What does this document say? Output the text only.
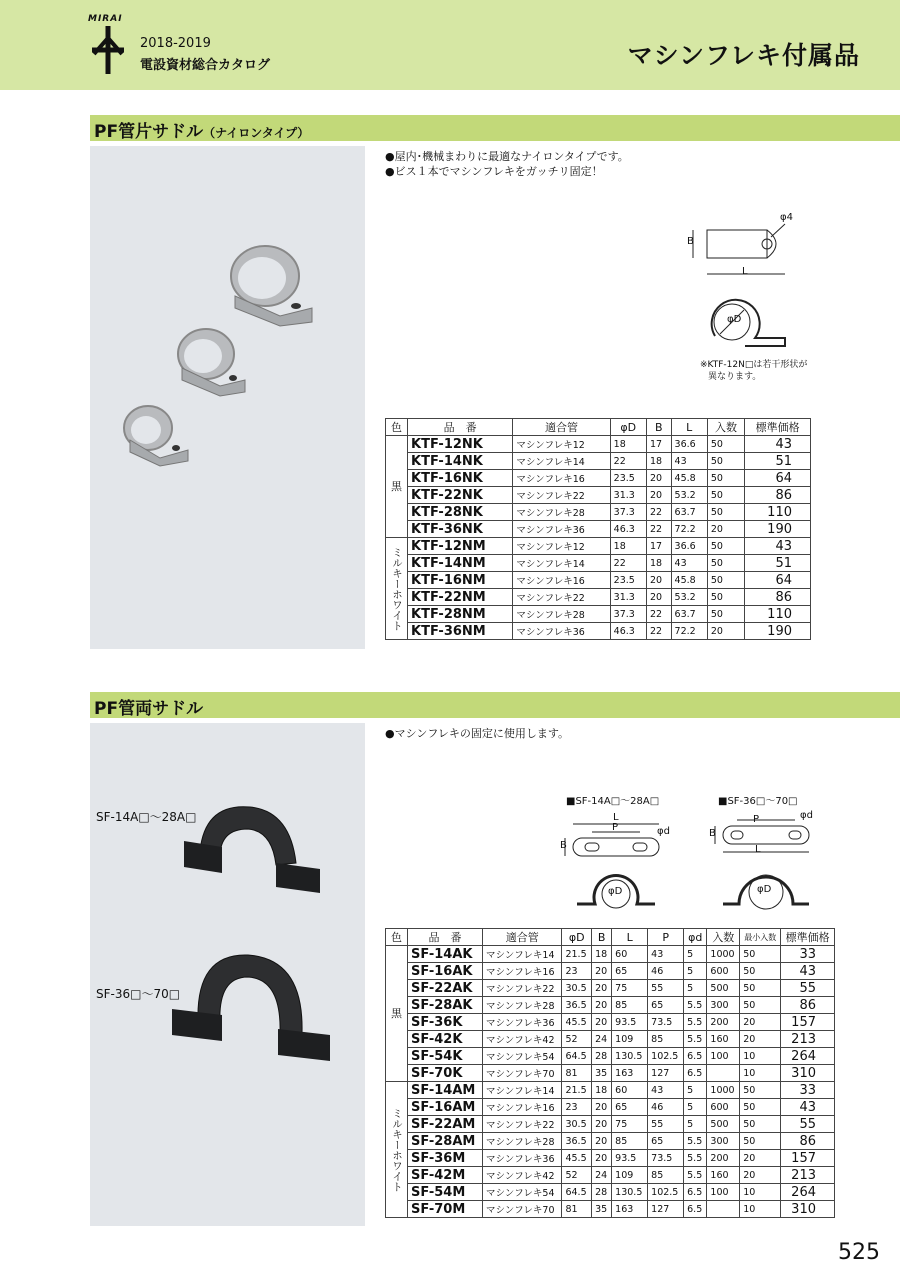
MIRAI
2018-2019
電設資材総合カタログ	マシンフレキ付属品
PF管片サドル（ナイロンタイプ）
●屋内･機械まわりに最適なナイロンタイプです。
●ビス１本でマシンフレキをガッチリ固定！
φ4
B
L
φD
※KTF-12N□は若干形状が
異なります。
色	品　番	適合管	φD	B	L	入数	標準価格

黒	KTF-12NK	マシンフレキ12	18	17	36.6	50	43
	KTF-14NK	マシンフレキ14	22	18	43	50	51
	KTF-16NK	マシンフレキ16	23.5	20	45.8	50	64
	KTF-22NK	マシンフレキ22	31.3	20	53.2	50	86
	KTF-28NK	マシンフレキ28	37.3	22	63.7	50	110
	KTF-36NK	マシンフレキ36	46.3	22	72.2	20	190

ミルキーホワイト	KTF-12NM	マシンフレキ12	18	17	36.6	50	43
	KTF-14NM	マシンフレキ14	22	18	43	50	51
	KTF-16NM	マシンフレキ16	23.5	20	45.8	50	64
	KTF-22NM	マシンフレキ22	31.3	20	53.2	50	86
	KTF-28NM	マシンフレキ28	37.3	22	63.7	50	110
	KTF-36NM	マシンフレキ36	46.3	22	72.2	20	190
PF管両サドル
SF-14A□〜28A□
SF-36□〜70□
●マシンフレキの固定に使用します。
■SF-14A□〜28A□	■SF-36□〜70□
L
P	φd
B
φD
P	φd
B
L
φD
色	品　番	適合管	φD	B	L	P	φd	入数	最小入数	標準価格

黒	SF-14AK	マシンフレキ14	21.5	18	60	43	5	1000	50	33
	SF-16AK	マシンフレキ16	23	20	65	46	5	600	50	43
	SF-22AK	マシンフレキ22	30.5	20	75	55	5	500	50	55
	SF-28AK	マシンフレキ28	36.5	20	85	65	5.5	300	50	86
	SF-36K	マシンフレキ36	45.5	20	93.5	73.5	5.5	200	20	157
	SF-42K	マシンフレキ42	52	24	109	85	5.5	160	20	213
	SF-54K	マシンフレキ54	64.5	28	130.5	102.5	6.5	100	10	264
	SF-70K	マシンフレキ70	81	35	163	127	6.5		10	310

ミルキーホワイト	SF-14AM	マシンフレキ14	21.5	18	60	43	5	1000	50	33
	SF-16AM	マシンフレキ16	23	20	65	46	5	600	50	43
	SF-22AM	マシンフレキ22	30.5	20	75	55	5	500	50	55
	SF-28AM	マシンフレキ28	36.5	20	85	65	5.5	300	50	86
	SF-36M	マシンフレキ36	45.5	20	93.5	73.5	5.5	200	20	157
	SF-42M	マシンフレキ42	52	24	109	85	5.5	160	20	213
	SF-54M	マシンフレキ54	64.5	28	130.5	102.5	6.5	100	10	264
	SF-70M	マシンフレキ70	81	35	163	127	6.5		10	310
525
